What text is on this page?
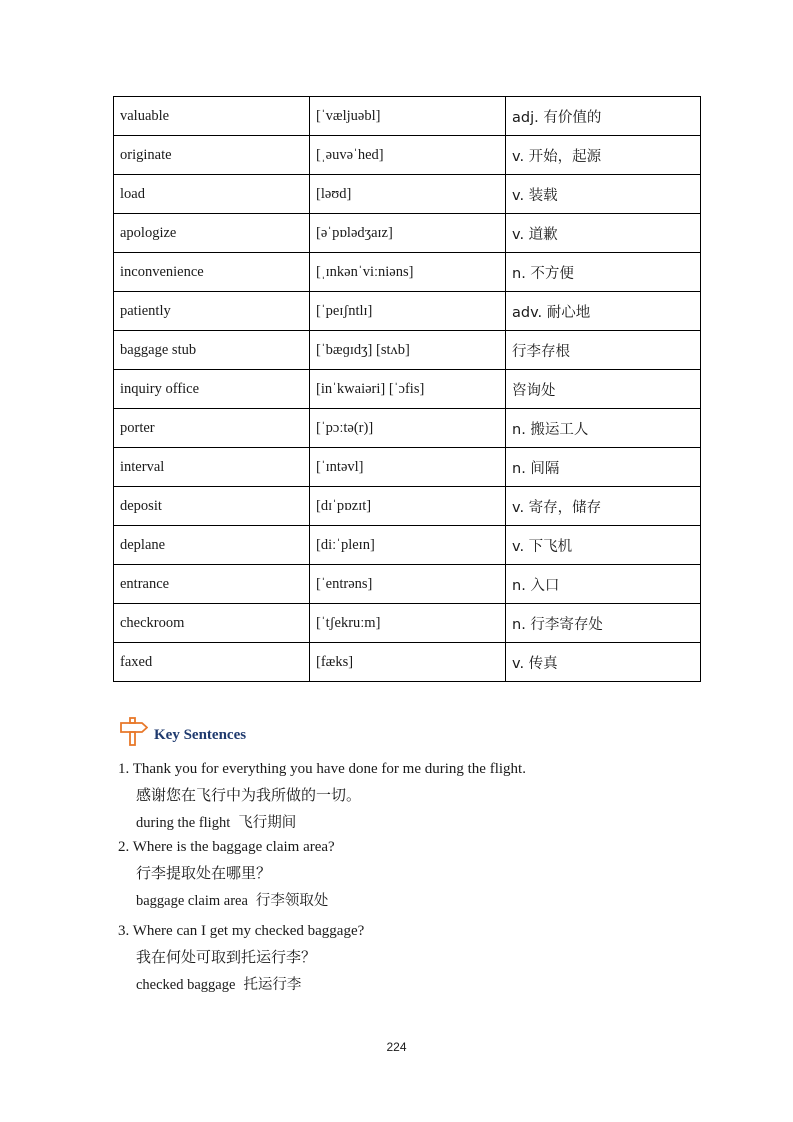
valuable	[ˈvæljuəbl]	adj. 有价值的
originate	[ˌəuvəˈhed]	v. 开始，起源
load	[ləʊd]	v. 装载
apologize	[əˈpɒlədʒaɪz]	v. 道歉
inconvenience	[ˌɪnkənˈviːniəns]	n. 不方便
patiently	[ˈpeɪʃntlɪ]	adv. 耐心地
baggage stub	[ˈbæɡɪdʒ] [stʌb]	行李存根
inquiry office	[inˈkwaiəri] [ˈɔfis]	咨询处
porter	[ˈpɔːtə(r)]	n. 搬运工人
interval	[ˈɪntəvl]	n. 间隔
deposit	[dɪˈpɒzɪt]	v. 寄存，储存
deplane	[diːˈpleɪn]	v. 下飞机
entrance	[ˈentrəns]	n. 入口
checkroom	[ˈtʃekruːm]	n. 行李寄存处
faxed	[fæks]	v. 传真
Key Sentences
1. Thank you for everything you have done for me during the flight.
感谢您在飞行中为我所做的一切。
during the flight 飞行期间
2. Where is the baggage claim area?
行李提取处在哪里？
baggage claim area 行李领取处
3. Where can I get my checked baggage?
我在何处可取到托运行李？
checked baggage 托运行李
224
